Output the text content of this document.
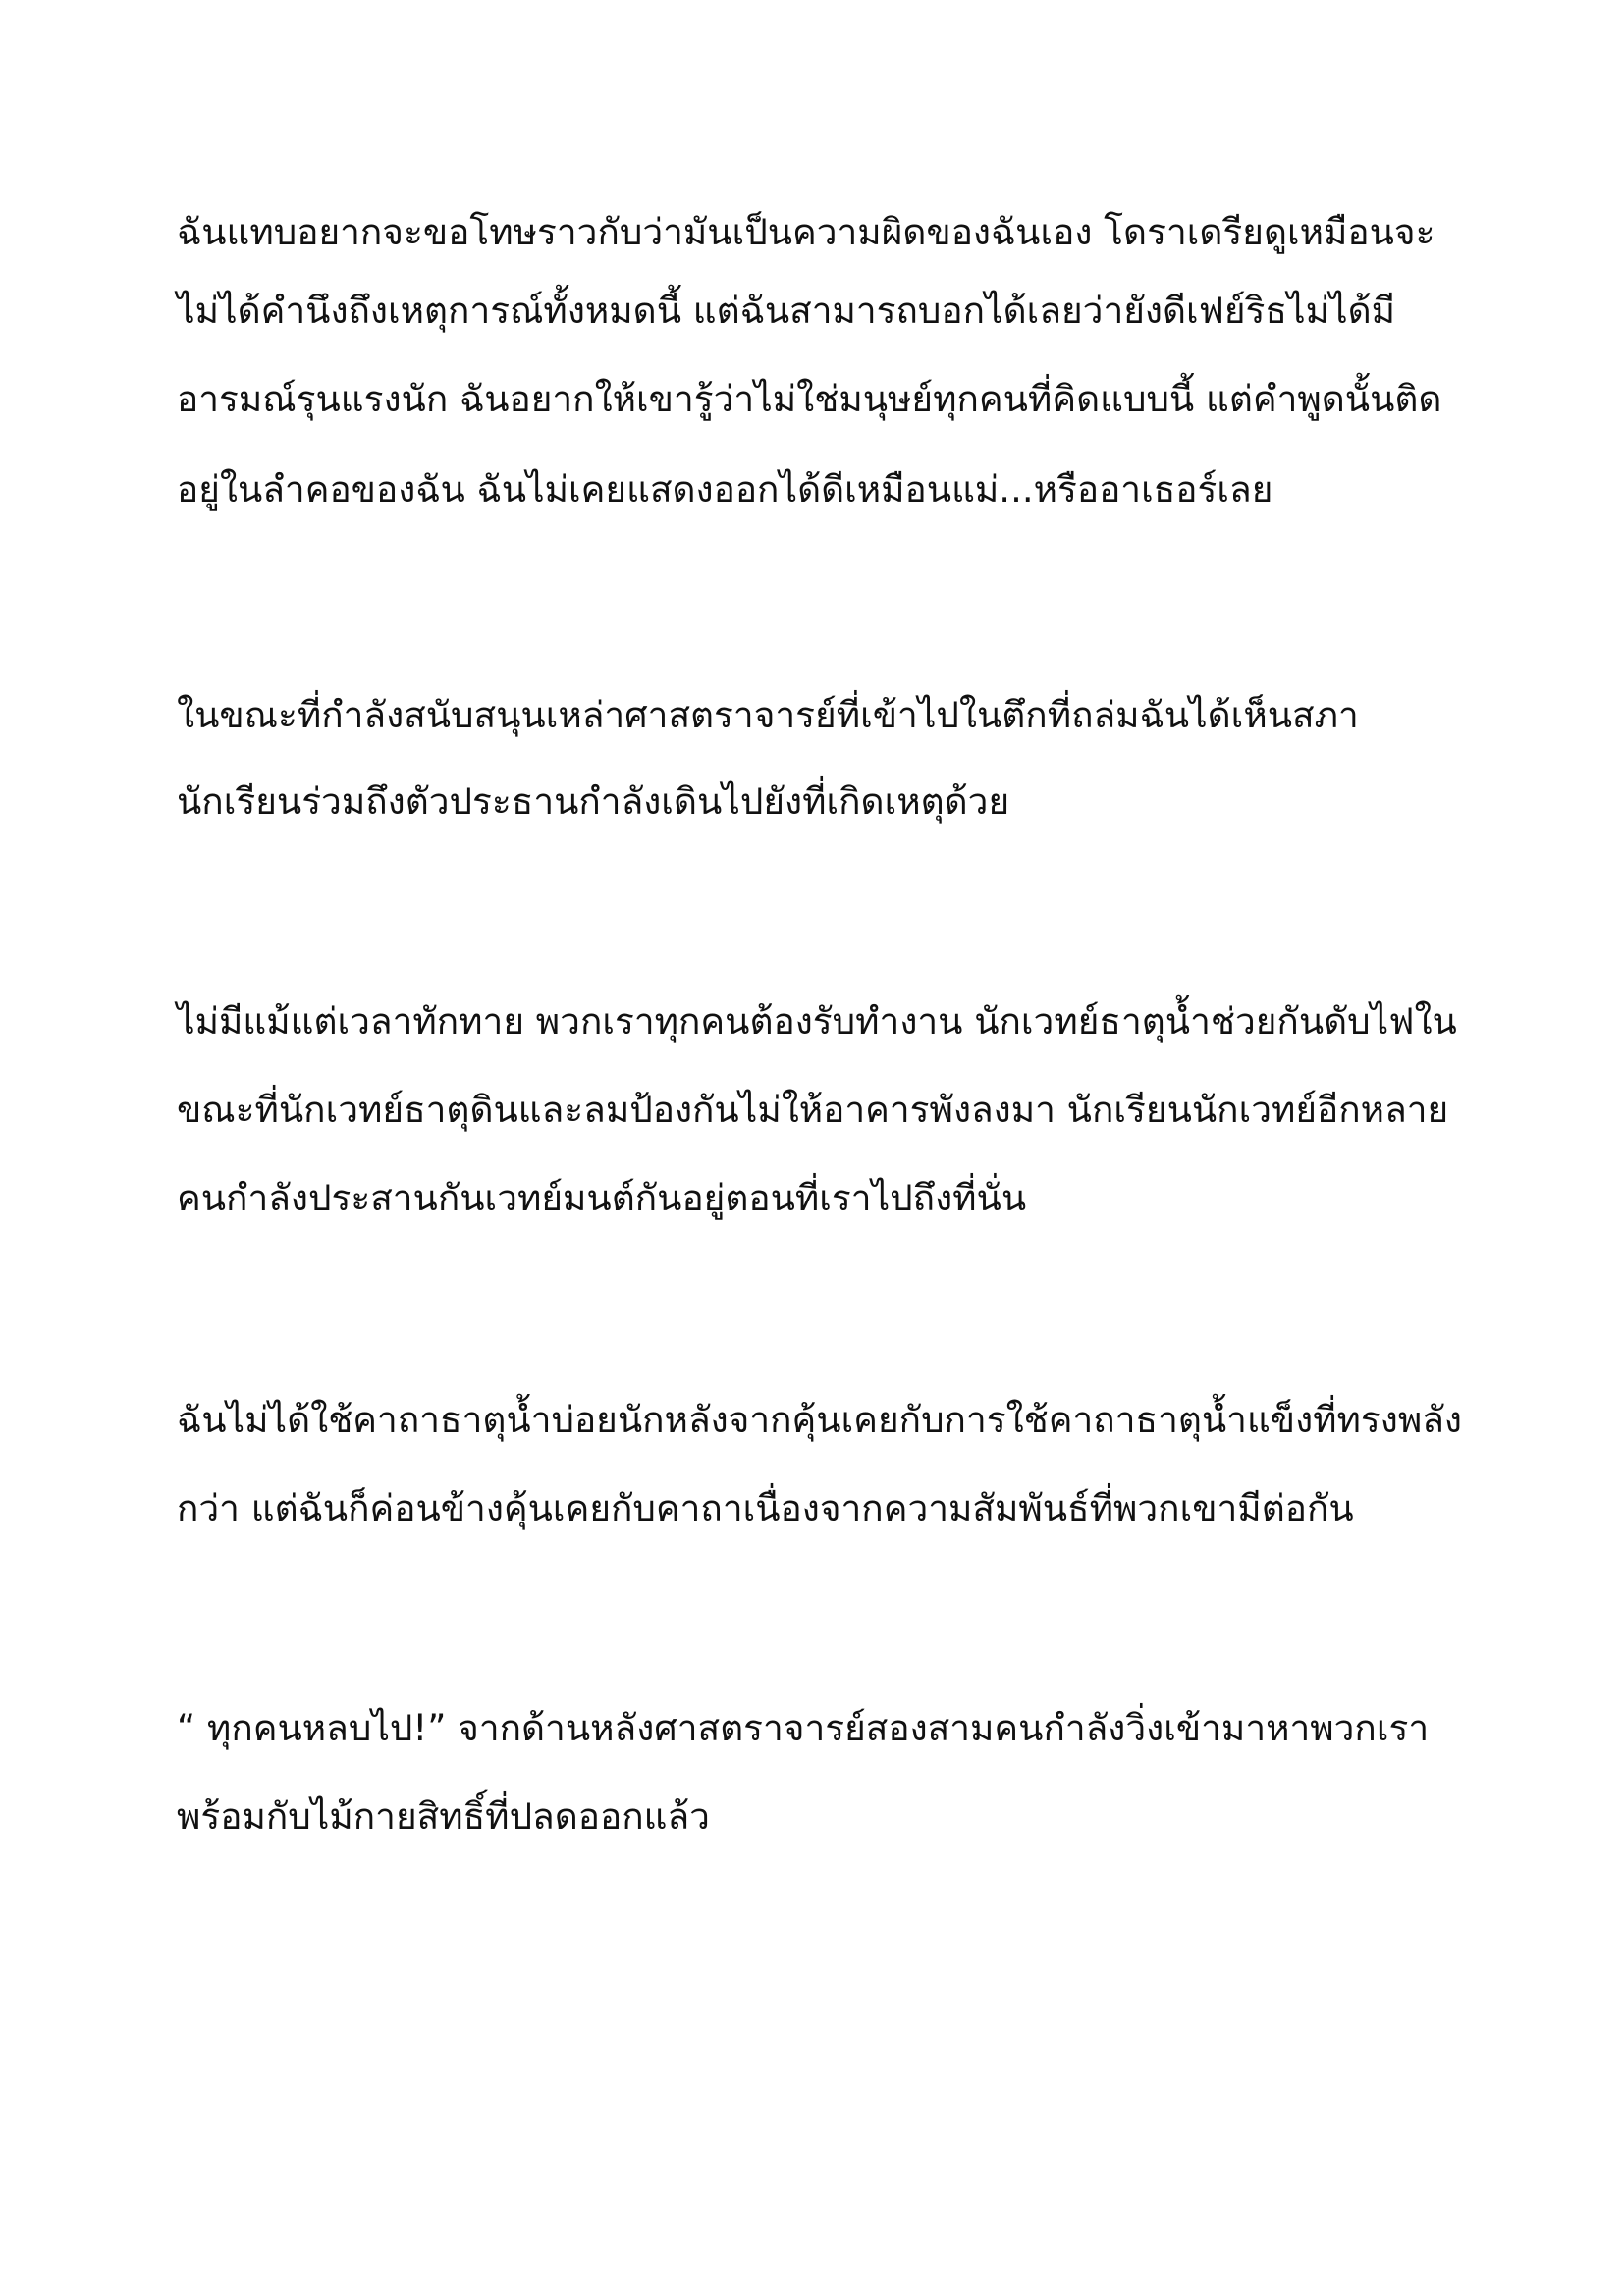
ฉันแทบอยากจะขอโทษราวกับว่ามันเป็นความผิดของฉันเอง โดราเดรียดูเหมือนจะ
ไม่ได้คำนึงถึงเหตุการณ์ทั้งหมดนี้ แต่ฉันสามารถบอกได้เลยว่ายังดีเฟย์ริธไม่ได้มี
อารมณ์รุนแรงนัก ฉันอยากให้เขารู้ว่าไม่ใช่มนุษย์ทุกคนที่คิดแบบนี้ แต่คำพูดนั้นติด
อยู่ในลำคอของฉัน ฉันไม่เคยแสดงออกได้ดีเหมือนแม่...หรืออาเธอร์เลย
ในขณะที่กำลังสนับสนุนเหล่าศาสตราจารย์ที่เข้าไปในตึกที่ถล่มฉันได้เห็นสภา
นักเรียนร่วมถึงตัวประธานกำลังเดินไปยังที่เกิดเหตุด้วย
ไม่มีแม้แต่เวลาทักทาย พวกเราทุกคนต้องรับทำงาน นักเวทย์ธาตุน้ำช่วยกันดับไฟใน
ขณะที่นักเวทย์ธาตุดินและลมป้องกันไม่ให้อาคารพังลงมา นักเรียนนักเวทย์อีกหลาย
คนกำลังประสานกันเวทย์มนต์กันอยู่ตอนที่เราไปถึงที่นั่น
ฉันไม่ได้ใช้คาถาธาตุน้ำบ่อยนักหลังจากคุ้นเคยกับการใช้คาถาธาตุน้ำแข็งที่ทรงพลัง
กว่า แต่ฉันก็ค่อนข้างคุ้นเคยกับคาถาเนื่องจากความสัมพันธ์ที่พวกเขามีต่อกัน
“ ทุกคนหลบไป!” จากด้านหลังศาสตราจารย์สองสามคนกำลังวิ่งเข้ามาหาพวกเรา
พร้อมกับไม้กายสิทธิ์ที่ปลดออกแล้ว
